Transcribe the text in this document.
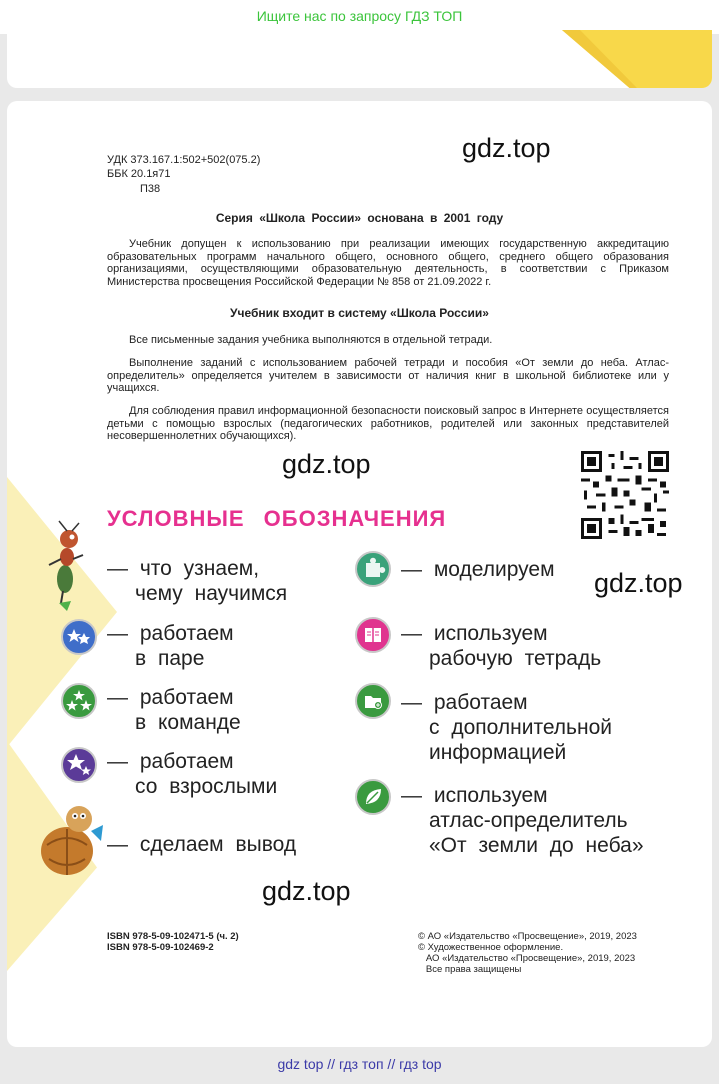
Ищите нас по запросу ГДЗ ТОП
gdz.top
УДК 373.167.1:502+502(075.2)
ББК 20.1я71
П38
Серия «Школа России» основана в 2001 году
Учебник допущен к использованию при реализации имеющих государственную аккредитацию образовательных программ начального общего, основного общего, среднего общего образования организациями, осуществляющими образовательную деятельность, в соответствии с Приказом Министерства просвещения Российской Федерации № 858 от 21.09.2022 г.
Учебник входит в систему «Школа России»
Все письменные задания учебника выполняются в отдельной тетради.
Выполнение заданий с использованием рабочей тетради и пособия «От земли до неба. Атлас-определитель» определяется учителем в зависимости от наличия книг в школьной библиотеке или у учащихся.
Для соблюдения правил информационной безопасности поисковый запрос в Интернете осуществляется детьми с помощью взрослых (педагогических работников, родителей или законных представителей несовершеннолетних обучающихся).
gdz.top
УСЛОВНЫЕ ОБОЗНАЧЕНИЯ
— что узнаем,
чему научимся
— работаем
в паре
— работаем
в команде
— работаем
со взрослыми
— сделаем вывод
— моделируем gdz.top
— используем
рабочую тетрадь
— работаем
с дополнительной
информацией
— используем
атлас-определитель
«От земли до неба»
gdz.top
ISBN 978-5-09-102471-5 (ч. 2)
ISBN 978-5-09-102469-2
© АО «Издательство «Просвещение», 2019, 2023
© Художественное оформление.
АО «Издательство «Просвещение», 2019, 2023
Все права защищены
gdz top // гдз топ // гдз top
